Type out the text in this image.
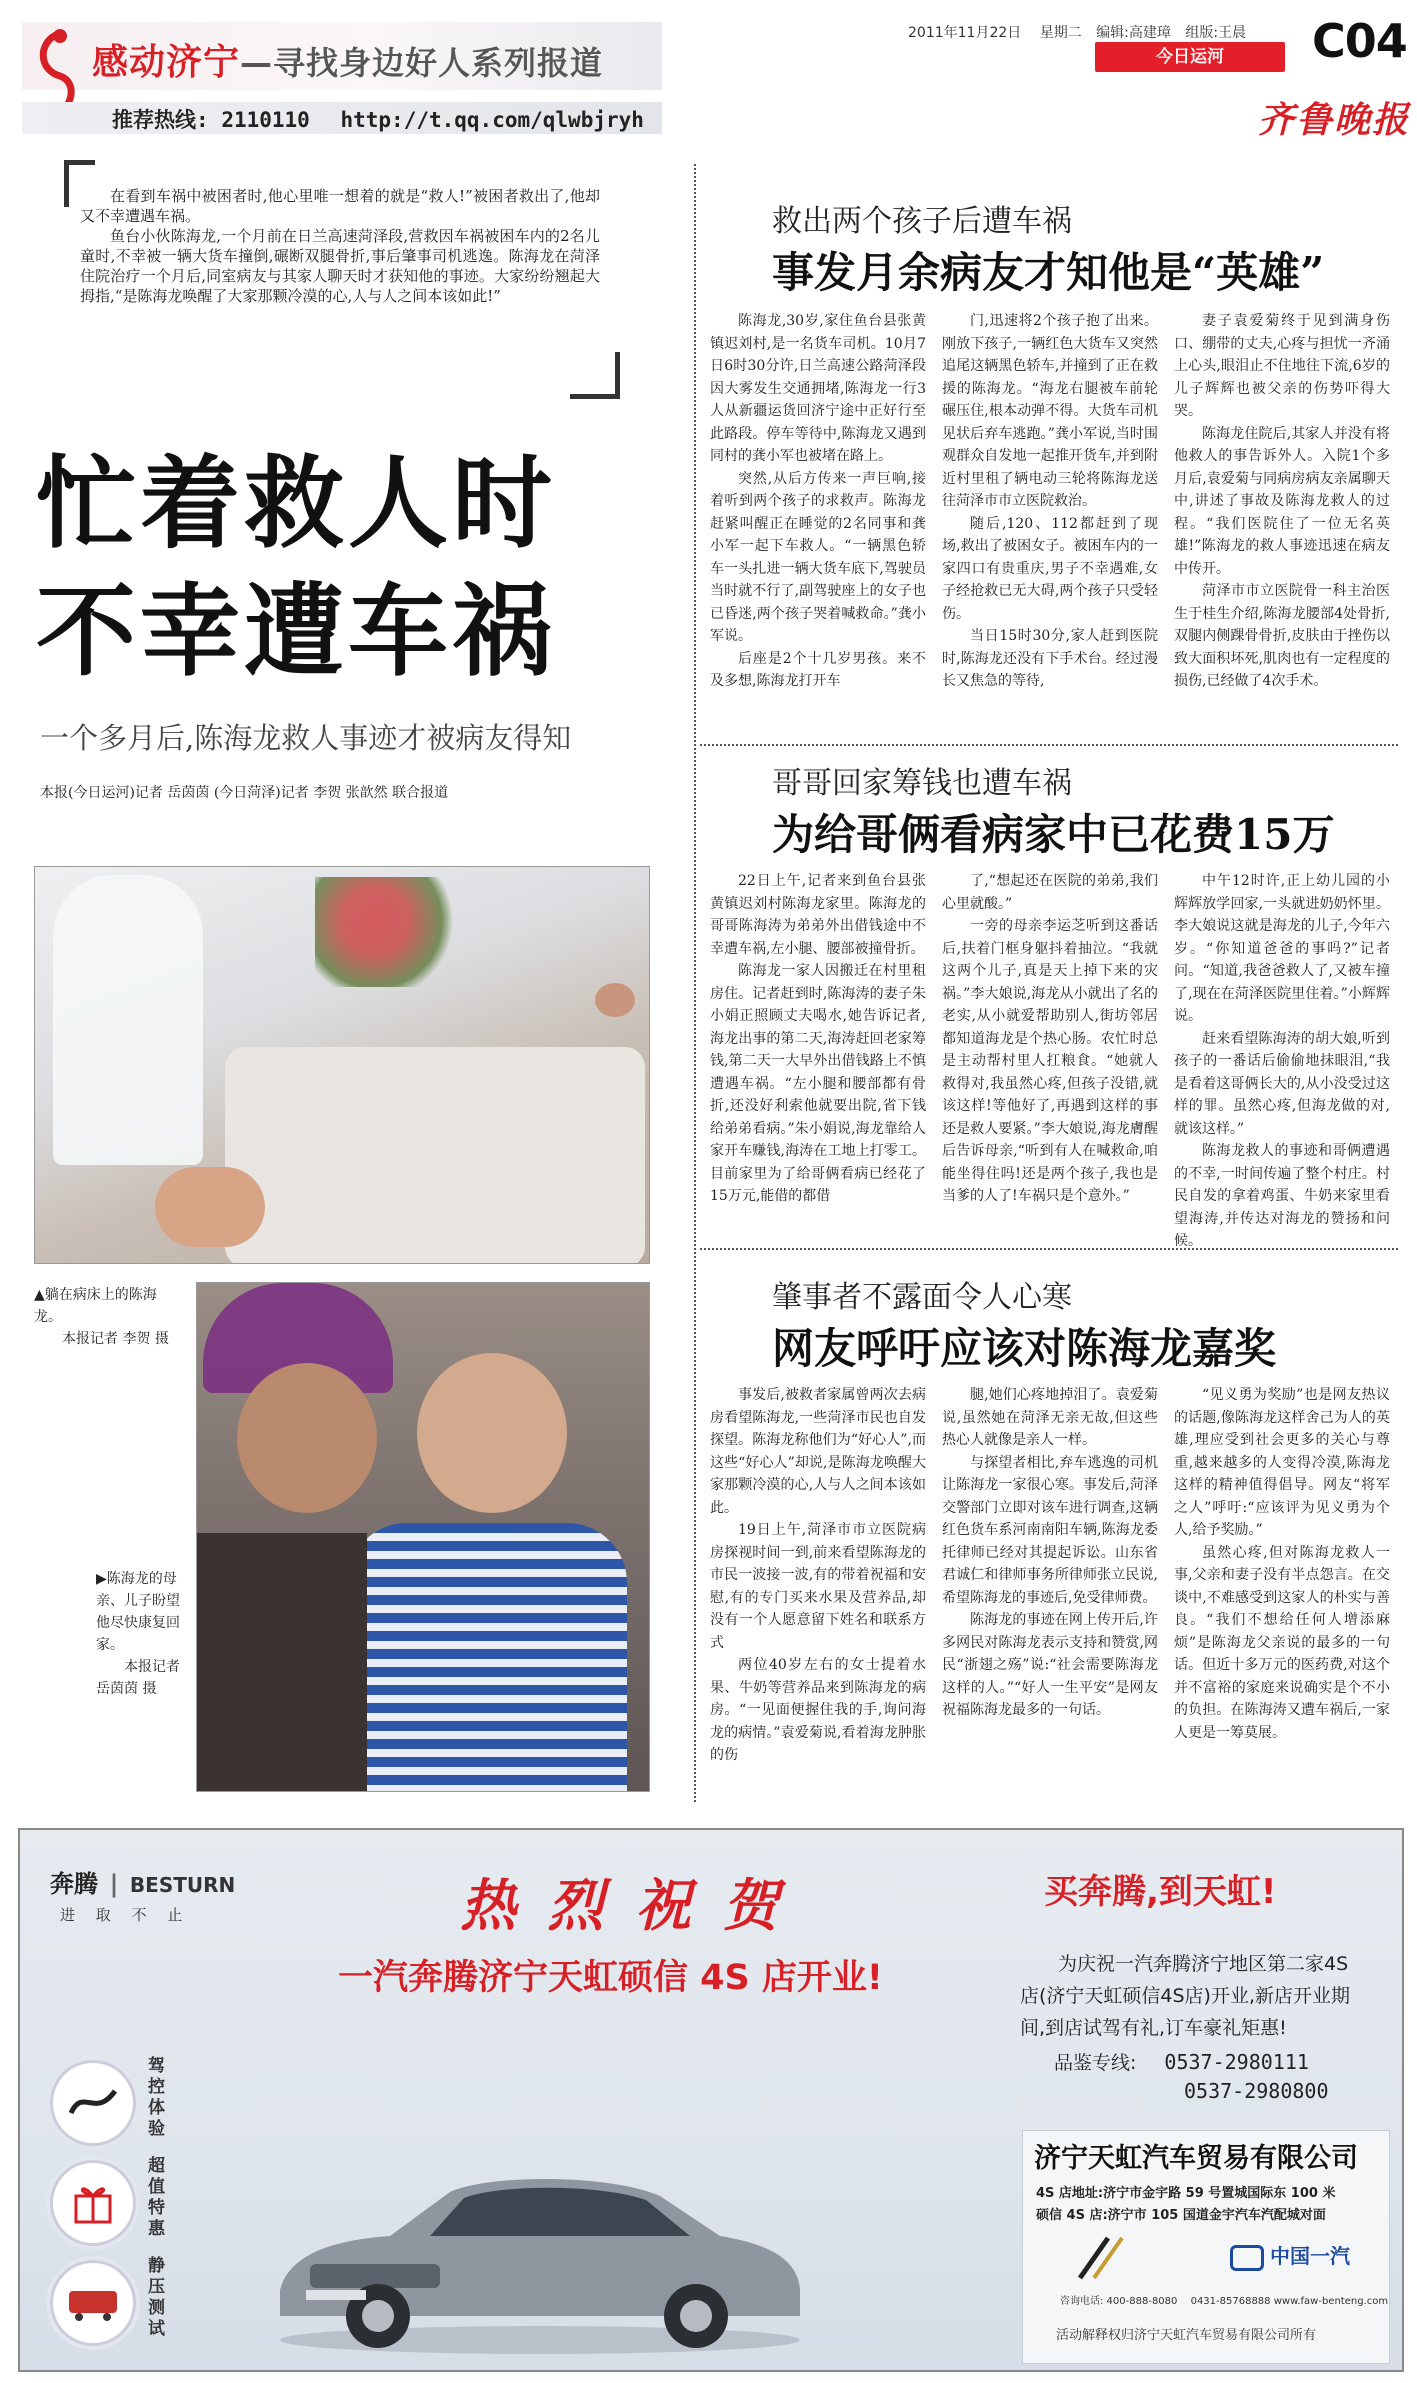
感动济宁—寻找身边好人系列报道
推荐热线: 2110110 http://t.qq.com/qlwbjryh
2011年11月22日 星期二 编辑:高建璋 组版:王晨 C04
今日运河
齐鲁晚报

在看到车祸中被困者时,他心里唯一想着的就是“救人!”被困者救出了,他却又不幸遭遇车祸。

鱼台小伙陈海龙,一个月前在日兰高速菏泽段,营救因车祸被困车内的2名儿童时,不幸被一辆大货车撞倒,碾断双腿骨折,事后肇事司机逃逸。陈海龙在菏泽住院治疗一个月后,同室病友与其家人聊天时才获知他的事迹。大家纷纷翘起大拇指,“是陈海龙唤醒了大家那颗冷漠的心,人与人之间本该如此!”

忙着救人时
不幸遭车祸
一个多月后,陈海龙救人事迹才被病友得知
本报(今日运河)记者 岳茵茵 (今日菏泽)记者 李贺 张歆然 联合报道
▲躺在病床上的陈海龙。
本报记者 李贺 摄
▶陈海龙的母亲、儿子盼望他尽快康复回家。
本报记者 岳茵茵 摄
救出两个孩子后遭车祸
事发月余病友才知他是“英雄”

陈海龙,30岁,家住鱼台县张黄镇迟刘村,是一名货车司机。10月7日6时30分许,日兰高速公路菏泽段因大雾发生交通拥堵,陈海龙一行3人从新疆运货回济宁途中正好行至此路段。停车等待中,陈海龙又遇到同村的龚小军也被堵在路上。

突然,从后方传来一声巨响,接着听到两个孩子的求救声。陈海龙赶紧叫醒正在睡觉的2名同事和龚小军一起下车救人。“一辆黑色轿车一头扎进一辆大货车底下,驾驶员当时就不行了,副驾驶座上的女子也已昏迷,两个孩子哭着喊救命。”龚小军说。

后座是2个十几岁男孩。来不及多想,陈海龙打开车

门,迅速将2个孩子抱了出来。刚放下孩子,一辆红色大货车又突然追尾这辆黑色轿车,并撞到了正在救援的陈海龙。“海龙右腿被车前轮碾压住,根本动弹不得。大货车司机见状后弃车逃跑。”龚小军说,当时围观群众自发地一起推开货车,并到附近村里租了辆电动三轮将陈海龙送往菏泽市市立医院救治。

随后,120、112都赶到了现场,救出了被困女子。被困车内的一家四口有贵重庆,男子不幸遇难,女子经抢救已无大碍,两个孩子只受轻伤。

当日15时30分,家人赶到医院时,陈海龙还没有下手术台。经过漫长又焦急的等待,

妻子袁爱菊终于见到满身伤口、绷带的丈夫,心疼与担忧一齐涌上心头,眼泪止不住地往下流,6岁的儿子辉辉也被父亲的伤势吓得大哭。

陈海龙住院后,其家人并没有将他救人的事告诉外人。入院1个多月后,袁爱菊与同病房病友亲属聊天中,讲述了事故及陈海龙救人的过程。“我们医院住了一位无名英雄!”陈海龙的救人事迹迅速在病友中传开。

菏泽市市立医院骨一科主治医生于桂生介绍,陈海龙腰部4处骨折,双腿内侧踝骨骨折,皮肤由于挫伤以致大面积坏死,肌肉也有一定程度的损伤,已经做了4次手术。

哥哥回家筹钱也遭车祸
为给哥俩看病家中已花费15万

22日上午,记者来到鱼台县张黄镇迟刘村陈海龙家里。陈海龙的哥哥陈海涛为弟弟外出借钱途中不幸遭车祸,左小腿、腰部被撞骨折。

陈海龙一家人因搬迁在村里租房住。记者赶到时,陈海涛的妻子朱小娟正照顾丈夫喝水,她告诉记者,海龙出事的第二天,海涛赶回老家筹钱,第二天一大早外出借钱路上不慎遭遇车祸。“左小腿和腰部都有骨折,还没好利索他就要出院,省下钱给弟弟看病。”朱小娟说,海龙靠给人家开车赚钱,海涛在工地上打零工。目前家里为了给哥俩看病已经花了15万元,能借的都借

了,“想起还在医院的弟弟,我们心里就酸。”

一旁的母亲李运芝听到这番话后,扶着门框身躯抖着抽泣。“我就这两个儿子,真是天上掉下来的灾祸。”李大娘说,海龙从小就出了名的老实,从小就爱帮助别人,街坊邻居都知道海龙是个热心肠。农忙时总是主动帮村里人扛粮食。“她就人救得对,我虽然心疼,但孩子没错,就该这样!等他好了,再遇到这样的事还是救人要紧。”李大娘说,海龙膚醒后告诉母亲,“听到有人在喊救命,咱能坐得住吗!还是两个孩子,我也是当爹的人了!车祸只是个意外。”

中午12时许,正上幼儿园的小辉辉放学回家,一头就进奶奶怀里。李大娘说这就是海龙的儿子,今年六岁。“你知道爸爸的事吗?”记者问。“知道,我爸爸救人了,又被车撞了,现在在菏泽医院里住着。”小辉辉说。

赶来看望陈海涛的胡大娘,听到孩子的一番话后偷偷地抹眼泪,“我是看着这哥俩长大的,从小没受过这样的罪。虽然心疼,但海龙做的对,就该这样。”

陈海龙救人的事迹和哥俩遭遇的不幸,一时间传遍了整个村庄。村民自发的拿着鸡蛋、牛奶来家里看望海涛,并传达对海龙的赞扬和问候。

肇事者不露面令人心寒
网友呼吁应该对陈海龙嘉奖

事发后,被救者家属曾两次去病房看望陈海龙,一些菏泽市民也自发探望。陈海龙称他们为“好心人”,而这些“好心人”却说,是陈海龙唤醒大家那颗冷漠的心,人与人之间本该如此。

19日上午,菏泽市市立医院病房探视时间一到,前来看望陈海龙的市民一波接一波,有的带着祝福和安慰,有的专门买来水果及营养品,却没有一个人愿意留下姓名和联系方式

两位40岁左右的女士提着水果、牛奶等营养品来到陈海龙的病房。“一见面便握住我的手,询问海龙的病情。”袁爱菊说,看着海龙肿胀的伤

腿,她们心疼地掉泪了。袁爱菊说,虽然她在菏泽无亲无故,但这些热心人就像是亲人一样。

与探望者相比,弃车逃逸的司机让陈海龙一家很心寒。事发后,菏泽交警部门立即对该车进行调查,这辆红色货车系河南南阳车辆,陈海龙委托律师已经对其提起诉讼。山东省君诚仁和律师事务所律师张立民说,希望陈海龙的事迹后,免受律师费。

陈海龙的事迹在网上传开后,许多网民对陈海龙表示支持和赞赏,网民“浙翅之殇”说:“社会需要陈海龙这样的人。”“好人一生平安”是网友祝福陈海龙最多的一句话。

“见义勇为奖励”也是网友热议的话题,像陈海龙这样舍己为人的英雄,理应受到社会更多的关心与尊重,越来越多的人变得冷漠,陈海龙这样的精神值得倡导。网友“将军之人”呼吁:“应该评为见义勇为个人,给予奖励。”

虽然心疼,但对陈海龙救人一事,父亲和妻子没有半点怨言。在交谈中,不难感受到这家人的朴实与善良。“我们不想给任何人增添麻烦”是陈海龙父亲说的最多的一句话。但近十多万元的医药费,对这个并不富裕的家庭来说确实是个不小的负担。在陈海涛又遭车祸后,一家人更是一筹莫展。

奔腾 | BESTURN
进 取 不 止	热 烈 祝 贺
一汽奔腾济宁天虹硕信 4S 店开业!
驾控体验
超值特惠
静压测试
买奔腾,到天虹!
为庆祝一汽奔腾济宁地区第二家4S店(济宁天虹硕信4S店)开业,新店开业期间,到店试驾有礼,订车豪礼矩惠!
品鉴专线: 0537-2980111
0537-2980800
济宁天虹汽车贸易有限公司
4S 店地址:济宁市金宇路 59 号置城国际东 100 米
硕信 4S 店:济宁市 105 国道金宇汽车汽配城对面
中国一汽
咨询电话: 400-888-8080 0431-85768888 www.faw-benteng.com
活动解释权归济宁天虹汽车贸易有限公司所有
